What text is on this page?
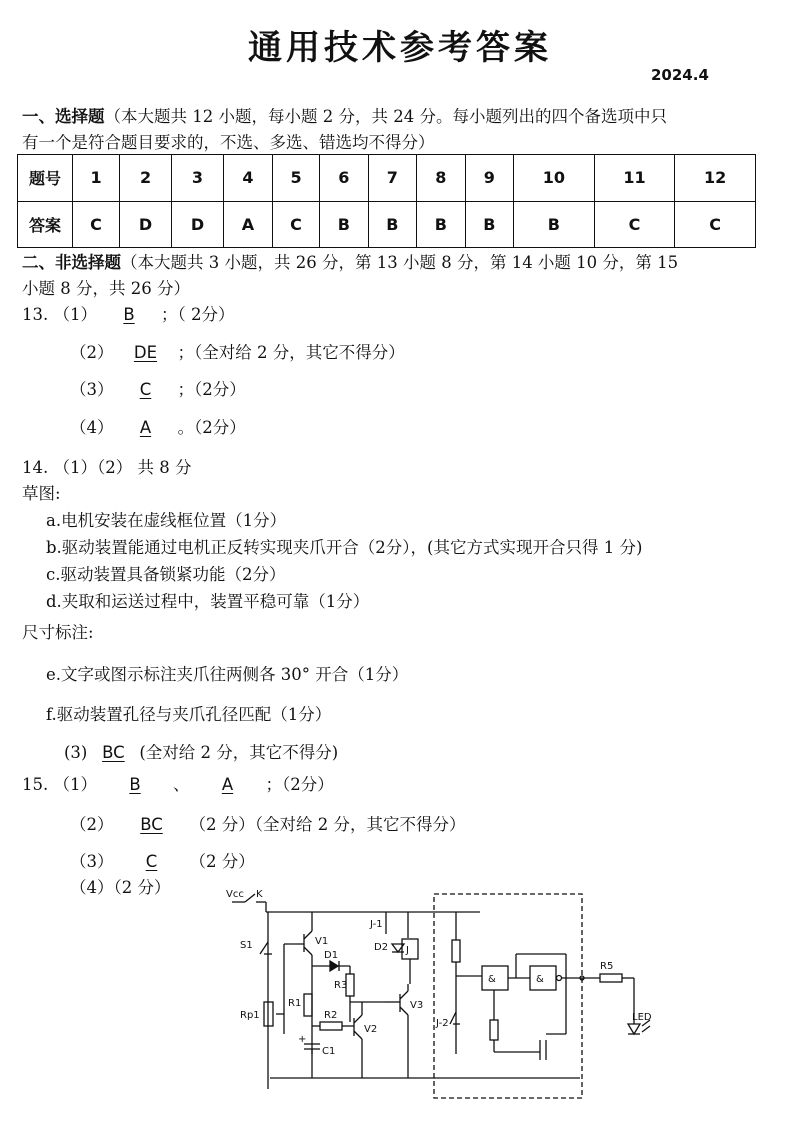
通用技术参考答案
2024.4
一、选择题（本大题共 12 小题，每小题 2 分，共 24 分。每小题列出的四个备选项中只
有一个是符合题目要求的，不选、多选、错选均不得分）
题号	1	2	3	4	5	6	7	8	9	10	11	12
答案	C	D	D	A	C	B	B	B	B	B	C	C
二、非选择题（本大题共 3 小题，共 26 分，第 13 小题 8 分，第 14 小题 10 分，第 15
小题 8 分，共 26 分）
13. （1） B ；（ 2分）
（2） DE ；（全对给 2 分，其它不得分）
（3） C ；（2分）
（4） A 。（2分）
14. （1）（2） 共 8 分
草图:
a.电机安装在虚线框位置（1分）
b.驱动装置能通过电机正反转实现夹爪开合（2分），(其它方式实现开合只得 1 分)
c.驱动装置具备锁紧功能（2分）
d.夹取和运送过程中，装置平稳可靠（1分）
尺寸标注:
e.文字或图示标注夹爪往两侧各 30° 开合（1分）
f.驱动装置孔径与夹爪孔径匹配（1分）
(3) BC (全对给 2 分，其它不得分)
15. （1） B 、 A ；（2分）
（2） BC （2 分）（全对给 2 分，其它不得分）
（3） C （2 分）
（4）（2 分）	Vcc K
S1
Rp1
V1
D1
R3
R1
R2
+
C1
V2
J-1
D2 J
V3
J-2
&	&
R5
LED
